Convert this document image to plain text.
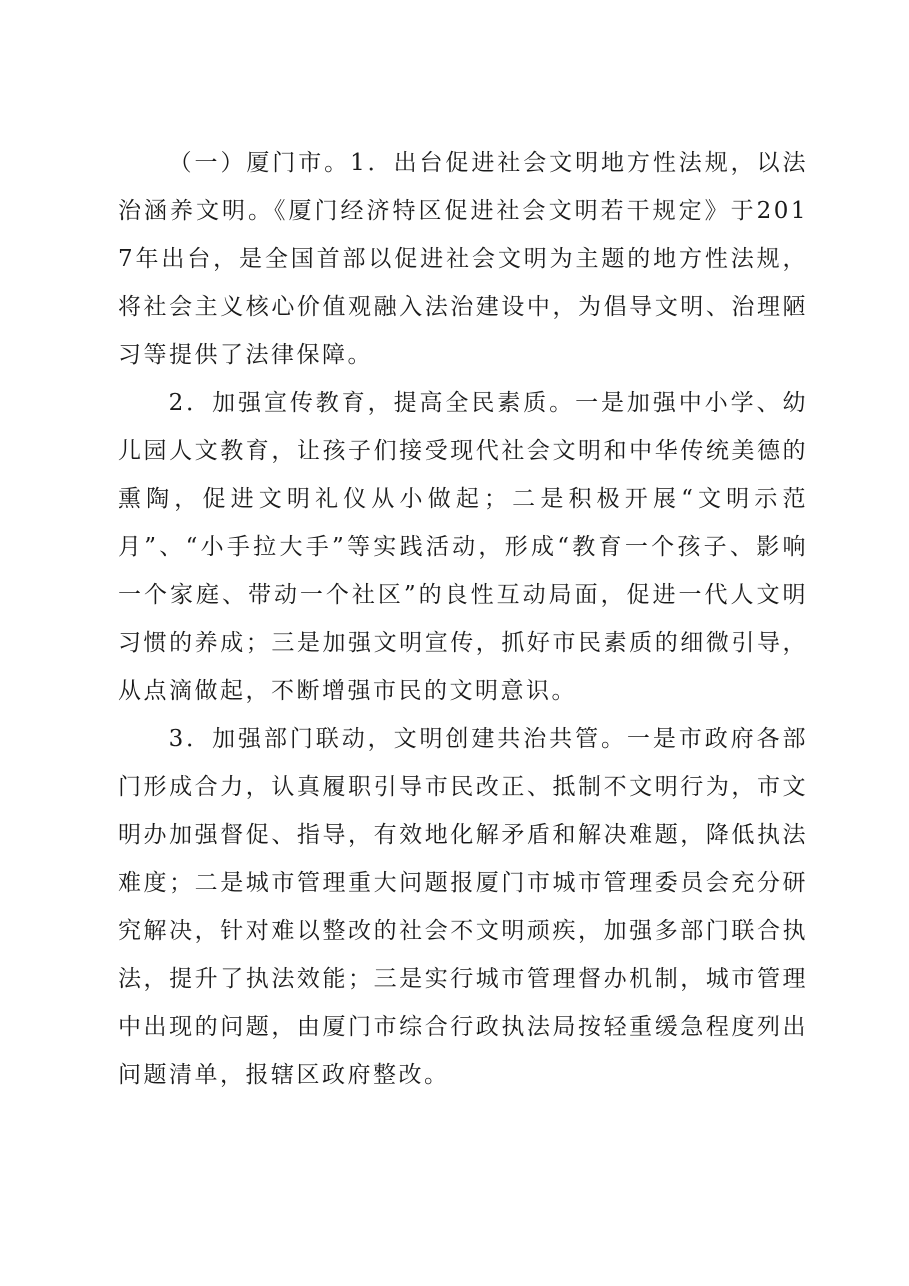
（一）厦门市。1．出台促进社会文明地方性法规，以法治涵养文明。《厦门经济特区促进社会文明若干规定》于2017年出台，是全国首部以促进社会文明为主题的地方性法规，将社会主义核心价值观融入法治建设中，为倡导文明、治理陋习等提供了法律保障。

2．加强宣传教育，提高全民素质。一是加强中小学、幼儿园人文教育，让孩子们接受现代社会文明和中华传统美德的熏陶，促进文明礼仪从小做起；二是积极开展“文明示范月”、“小手拉大手”等实践活动，形成“教育一个孩子、影响一个家庭、带动一个社区”的良性互动局面，促进一代人文明习惯的养成；三是加强文明宣传，抓好市民素质的细微引导，从点滴做起，不断增强市民的文明意识。

3．加强部门联动，文明创建共治共管。一是市政府各部门形成合力，认真履职引导市民改正、抵制不文明行为，市文明办加强督促、指导，有效地化解矛盾和解决难题，降低执法难度；二是城市管理重大问题报厦门市城市管理委员会充分研究解决，针对难以整改的社会不文明顽疾，加强多部门联合执法，提升了执法效能；三是实行城市管理督办机制，城市管理中出现的问题，由厦门市综合行政执法局按轻重缓急程度列出问题清单，报辖区政府整改。
